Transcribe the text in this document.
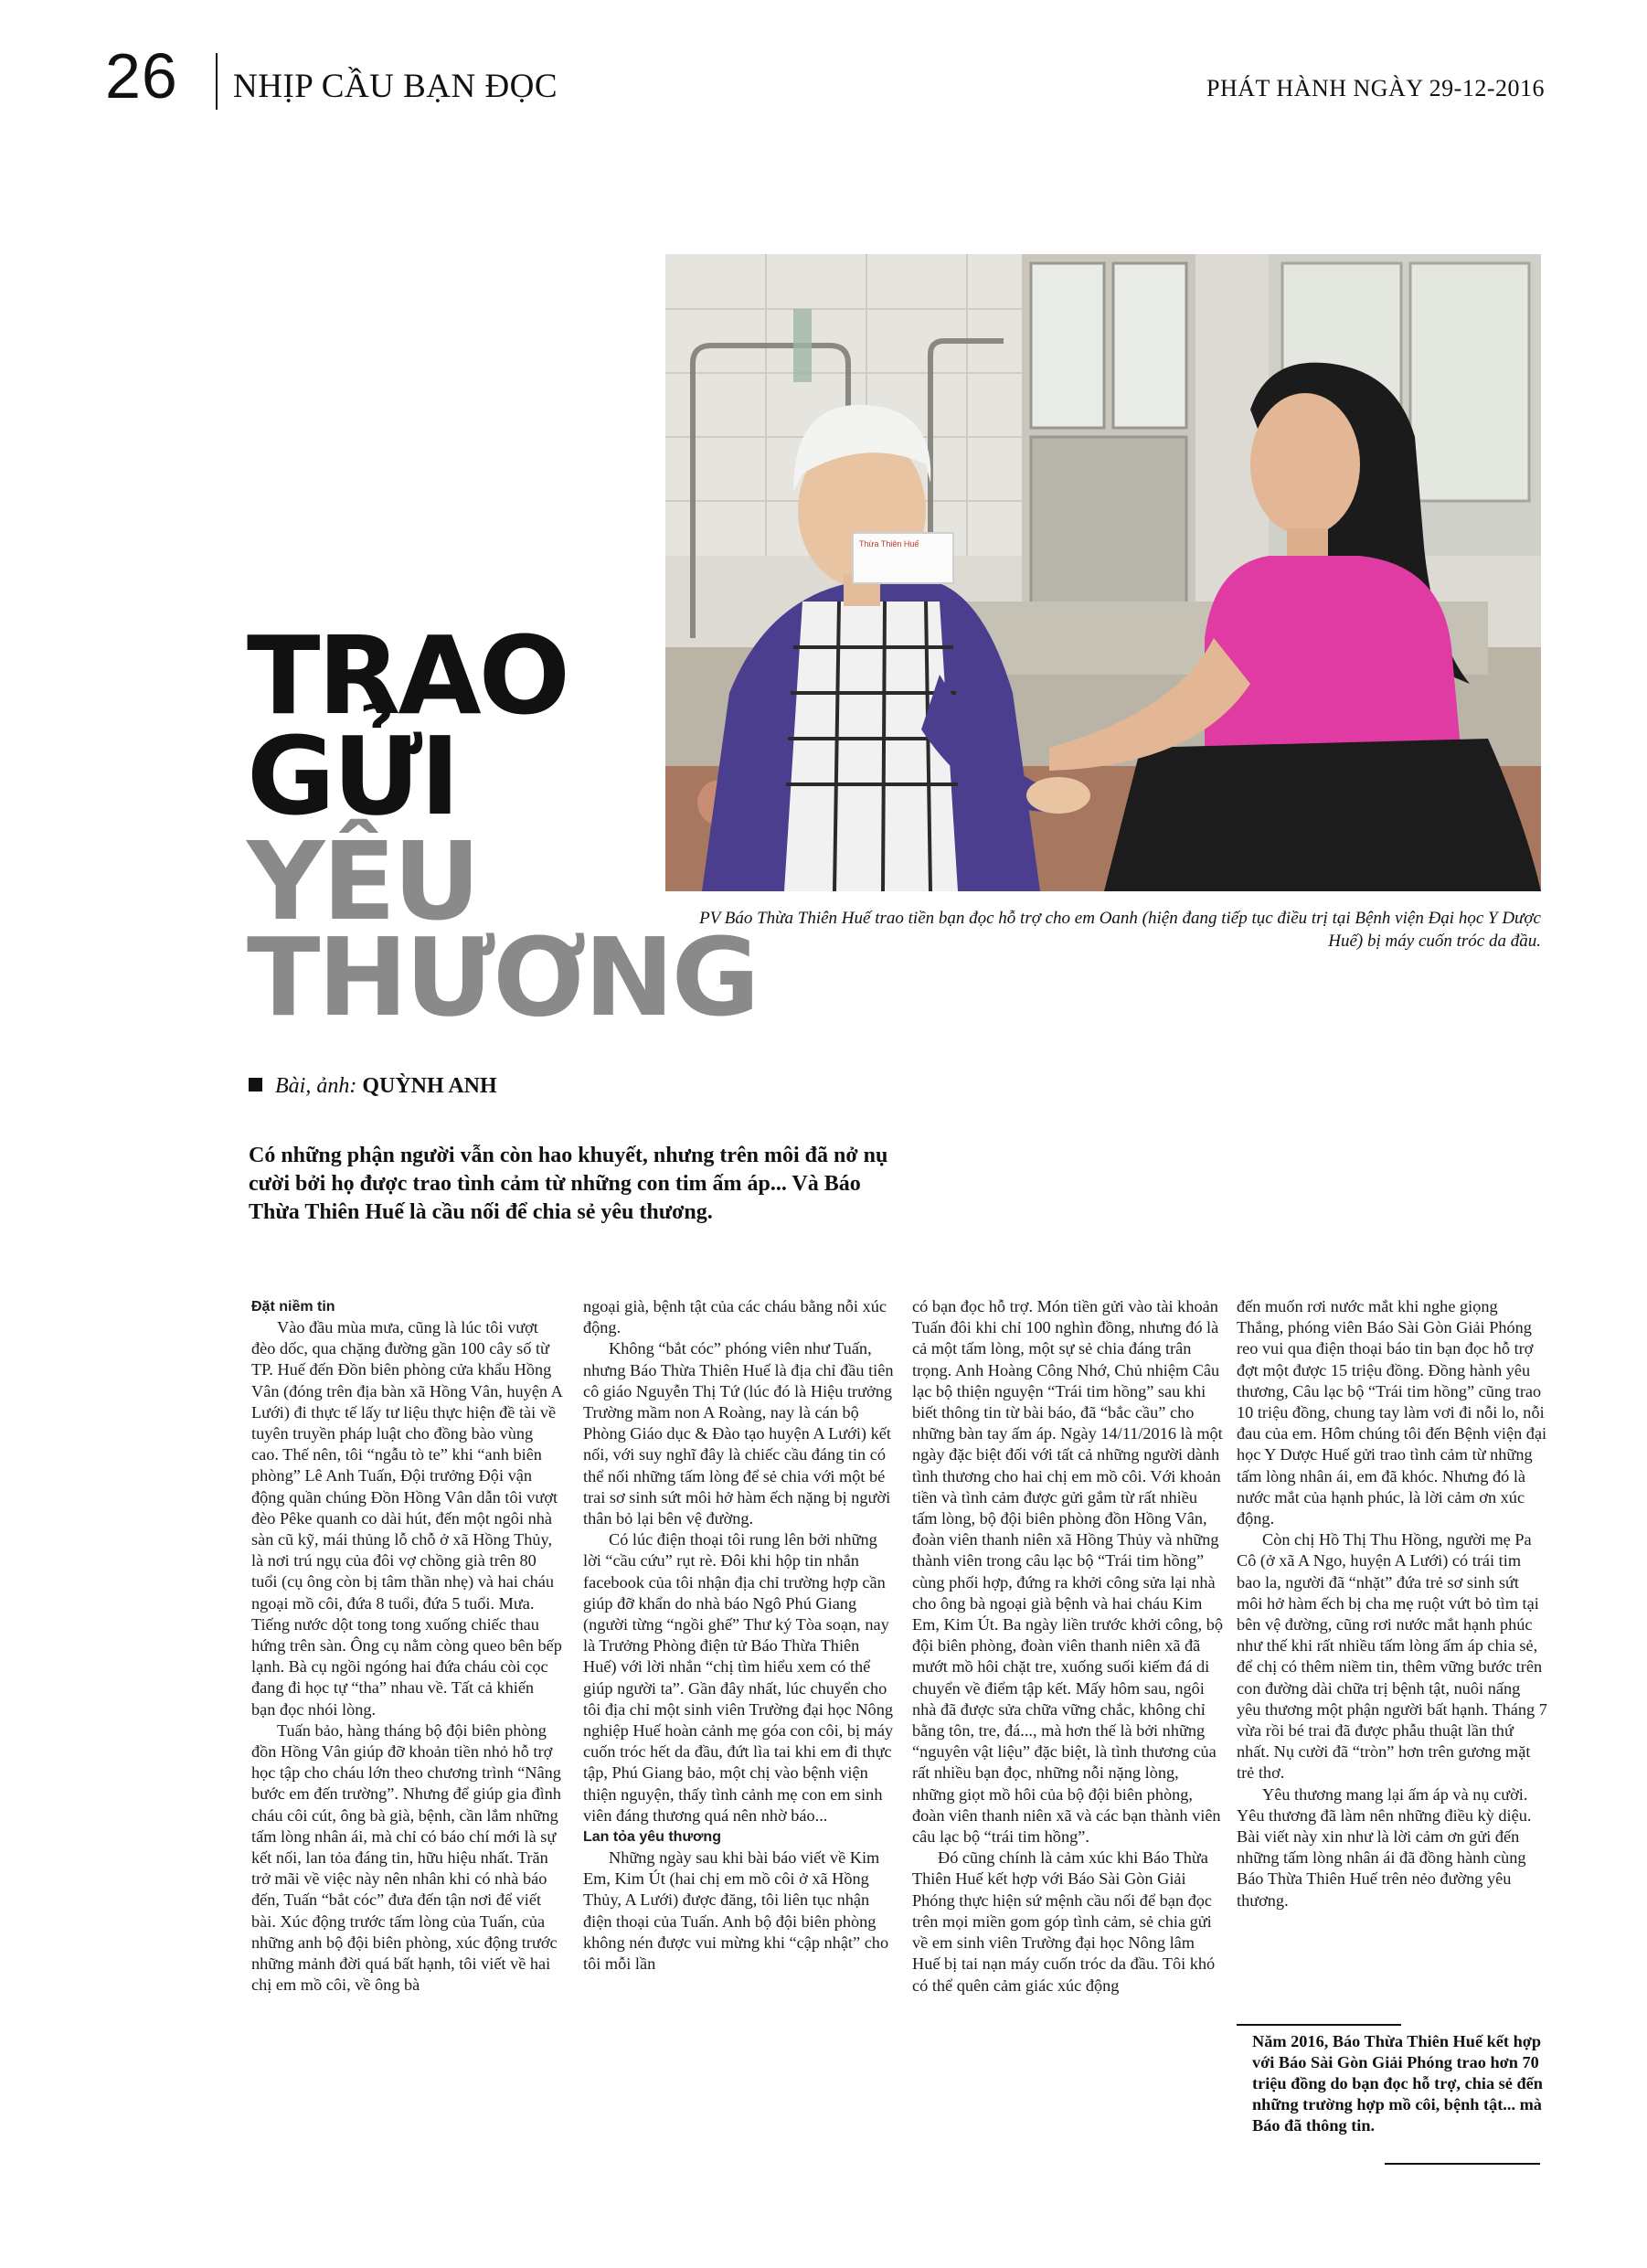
26 NHỊP CẦU BẠN ĐỌC	PHÁT HÀNH NGÀY 29-12-2016
Thừa Thiên Huế
PV Báo Thừa Thiên Huế trao tiền bạn đọc hỗ trợ cho em Oanh (hiện đang tiếp tục điều trị tại Bệnh viện Đại học Y Dược Huế) bị máy cuốn tróc da đầu.
TRAO
GỬI
YÊU
THƯƠNG
Bài, ảnh: QUỲNH ANH
Có những phận người vẫn còn hao khuyết, nhưng trên môi đã nở nụ cười bởi họ được trao tình cảm từ những con tim ấm áp... Và Báo Thừa Thiên Huế là cầu nối để chia sẻ yêu thương.
Đặt niềm tin

Vào đầu mùa mưa, cũng là lúc tôi vượt đèo dốc, qua chặng đường gần 100 cây số từ TP. Huế đến Đồn biên phòng cửa khẩu Hồng Vân (đóng trên địa bàn xã Hồng Vân, huyện A Lưới) đi thực tế lấy tư liệu thực hiện đề tài về tuyên truyền pháp luật cho đồng bào vùng cao. Thế nên, tôi “ngẫu tò te” khi “anh biên phòng” Lê Anh Tuấn, Đội trưởng Đội vận động quần chúng Đồn Hồng Vân dẫn tôi vượt đèo Pêke quanh co dài hút, đến một ngôi nhà sàn cũ kỹ, mái thủng lỗ chỗ ở xã Hồng Thủy, là nơi trú ngụ của đôi vợ chồng già trên 80 tuổi (cụ ông còn bị tâm thần nhẹ) và hai cháu ngoại mồ côi, đứa 8 tuổi, đứa 5 tuổi. Mưa. Tiếng nước dột tong tong xuống chiếc thau hứng trên sàn. Ông cụ nằm còng queo bên bếp lạnh. Bà cụ ngồi ngóng hai đứa cháu còi cọc đang đi học tự “tha” nhau về. Tất cả khiến bạn đọc nhói lòng.

Tuấn bảo, hàng tháng bộ đội biên phòng đồn Hồng Vân giúp đỡ khoản tiền nhỏ hỗ trợ học tập cho cháu lớn theo chương trình “Nâng bước em đến trường”. Nhưng để giúp gia đình cháu côi cút, ông bà già, bệnh, cần lắm những tấm lòng nhân ái, mà chỉ có báo chí mới là sự kết nối, lan tỏa đáng tin, hữu hiệu nhất. Trăn trở mãi về việc này nên nhân khi có nhà báo đến, Tuấn “bắt cóc” đưa đến tận nơi để viết bài. Xúc động trước tấm lòng của Tuấn, của những anh bộ đội biên phòng, xúc động trước những mảnh đời quá bất hạnh, tôi viết về hai chị em mồ côi, về ông bà

ngoại già, bệnh tật của các cháu bằng nỗi xúc động.

Không “bắt cóc” phóng viên như Tuấn, nhưng Báo Thừa Thiên Huế là địa chỉ đầu tiên cô giáo Nguyễn Thị Tứ (lúc đó là Hiệu trưởng Trường mầm non A Roàng, nay là cán bộ Phòng Giáo dục & Đào tạo huyện A Lưới) kết nối, với suy nghĩ đây là chiếc cầu đáng tin có thể nối những tấm lòng để sẻ chia với một bé trai sơ sinh sứt môi hở hàm ếch nặng bị người thân bỏ lại bên vệ đường.

Có lúc điện thoại tôi rung lên bởi những lời “cầu cứu” rụt rè. Đôi khi hộp tin nhắn facebook của tôi nhận địa chỉ trường hợp cần giúp đỡ khẩn do nhà báo Ngô Phú Giang (người từng “ngồi ghế” Thư ký Tòa soạn, nay là Trưởng Phòng điện tử Báo Thừa Thiên Huế) với lời nhắn “chị tìm hiểu xem có thể giúp người ta”. Gần đây nhất, lúc chuyển cho tôi địa chỉ một sinh viên Trường đại học Nông nghiệp Huế hoàn cảnh mẹ góa con côi, bị máy cuốn tróc hết da đầu, đứt lìa tai khi em đi thực tập, Phú Giang bảo, một chị vào bệnh viện thiện nguyện, thấy tình cảnh mẹ con em sinh viên đáng thương quá nên nhờ báo...

Lan tỏa yêu thương

Những ngày sau khi bài báo viết về Kim Em, Kim Út (hai chị em mồ côi ở xã Hồng Thủy, A Lưới) được đăng, tôi liên tục nhận điện thoại của Tuấn. Anh bộ đội biên phòng không nén được vui mừng khi “cập nhật” cho tôi mỗi lần

có bạn đọc hỗ trợ. Món tiền gửi vào tài khoản Tuấn đôi khi chỉ 100 nghìn đồng, nhưng đó là cả một tấm lòng, một sự sẻ chia đáng trân trọng. Anh Hoàng Công Nhớ, Chủ nhiệm Câu lạc bộ thiện nguyện “Trái tim hồng” sau khi biết thông tin từ bài báo, đã “bắc cầu” cho những bàn tay ấm áp. Ngày 14/11/2016 là một ngày đặc biệt đối với tất cả những người dành tình thương cho hai chị em mồ côi. Với khoản tiền và tình cảm được gửi gắm từ rất nhiều tấm lòng, bộ đội biên phòng đồn Hồng Vân, đoàn viên thanh niên xã Hồng Thủy và những thành viên trong câu lạc bộ “Trái tim hồng” cùng phối hợp, đứng ra khởi công sửa lại nhà cho ông bà ngoại già bệnh và hai cháu Kim Em, Kim Út. Ba ngày liền trước khởi công, bộ đội biên phòng, đoàn viên thanh niên xã đã mướt mồ hôi chặt tre, xuống suối kiếm đá di chuyển về điểm tập kết. Mấy hôm sau, ngôi nhà đã được sửa chữa vững chắc, không chỉ bằng tôn, tre, đá..., mà hơn thế là bởi những “nguyên vật liệu” đặc biệt, là tình thương của rất nhiều bạn đọc, những nỗi nặng lòng, những giọt mồ hôi của bộ đội biên phòng, đoàn viên thanh niên xã và các bạn thành viên câu lạc bộ “trái tim hồng”.

Đó cũng chính là cảm xúc khi Báo Thừa Thiên Huế kết hợp với Báo Sài Gòn Giải Phóng thực hiện sứ mệnh cầu nối để bạn đọc trên mọi miền gom góp tình cảm, sẻ chia gửi về em sinh viên Trường đại học Nông lâm Huế bị tai nạn máy cuốn tróc da đầu. Tôi khó có thể quên cảm giác xúc động

đến muốn rơi nước mắt khi nghe giọng Thắng, phóng viên Báo Sài Gòn Giải Phóng reo vui qua điện thoại báo tin bạn đọc hỗ trợ đợt một được 15 triệu đồng. Đồng hành yêu thương, Câu lạc bộ “Trái tim hồng” cũng trao 10 triệu đồng, chung tay làm vơi đi nỗi lo, nỗi đau của em. Hôm chúng tôi đến Bệnh viện đại học Y Dược Huế gửi trao tình cảm từ những tấm lòng nhân ái, em đã khóc. Nhưng đó là nước mắt của hạnh phúc, là lời cảm ơn xúc động.

Còn chị Hồ Thị Thu Hồng, người mẹ Pa Cô (ở xã A Ngo, huyện A Lưới) có trái tim bao la, người đã “nhặt” đứa trẻ sơ sinh sứt môi hở hàm ếch bị cha mẹ ruột vứt bỏ tìm tại bên vệ đường, cũng rơi nước mắt hạnh phúc như thế khi rất nhiều tấm lòng ấm áp chia sẻ, để chị có thêm niềm tin, thêm vững bước trên con đường dài chữa trị bệnh tật, nuôi nấng yêu thương một phận người bất hạnh. Tháng 7 vừa rồi bé trai đã được phẫu thuật lần thứ nhất. Nụ cười đã “tròn” hơn trên gương mặt trẻ thơ.

Yêu thương mang lại ấm áp và nụ cười. Yêu thương đã làm nên những điều kỳ diệu. Bài viết này xin như là lời cảm ơn gửi đến những tấm lòng nhân ái đã đồng hành cùng Báo Thừa Thiên Huế trên nẻo đường yêu thương.

Năm 2016, Báo Thừa Thiên Huế kết hợp với Báo Sài Gòn Giải Phóng trao hơn 70 triệu đồng do bạn đọc hỗ trợ, chia sẻ đến những trường hợp mồ côi, bệnh tật... mà Báo đã thông tin.
